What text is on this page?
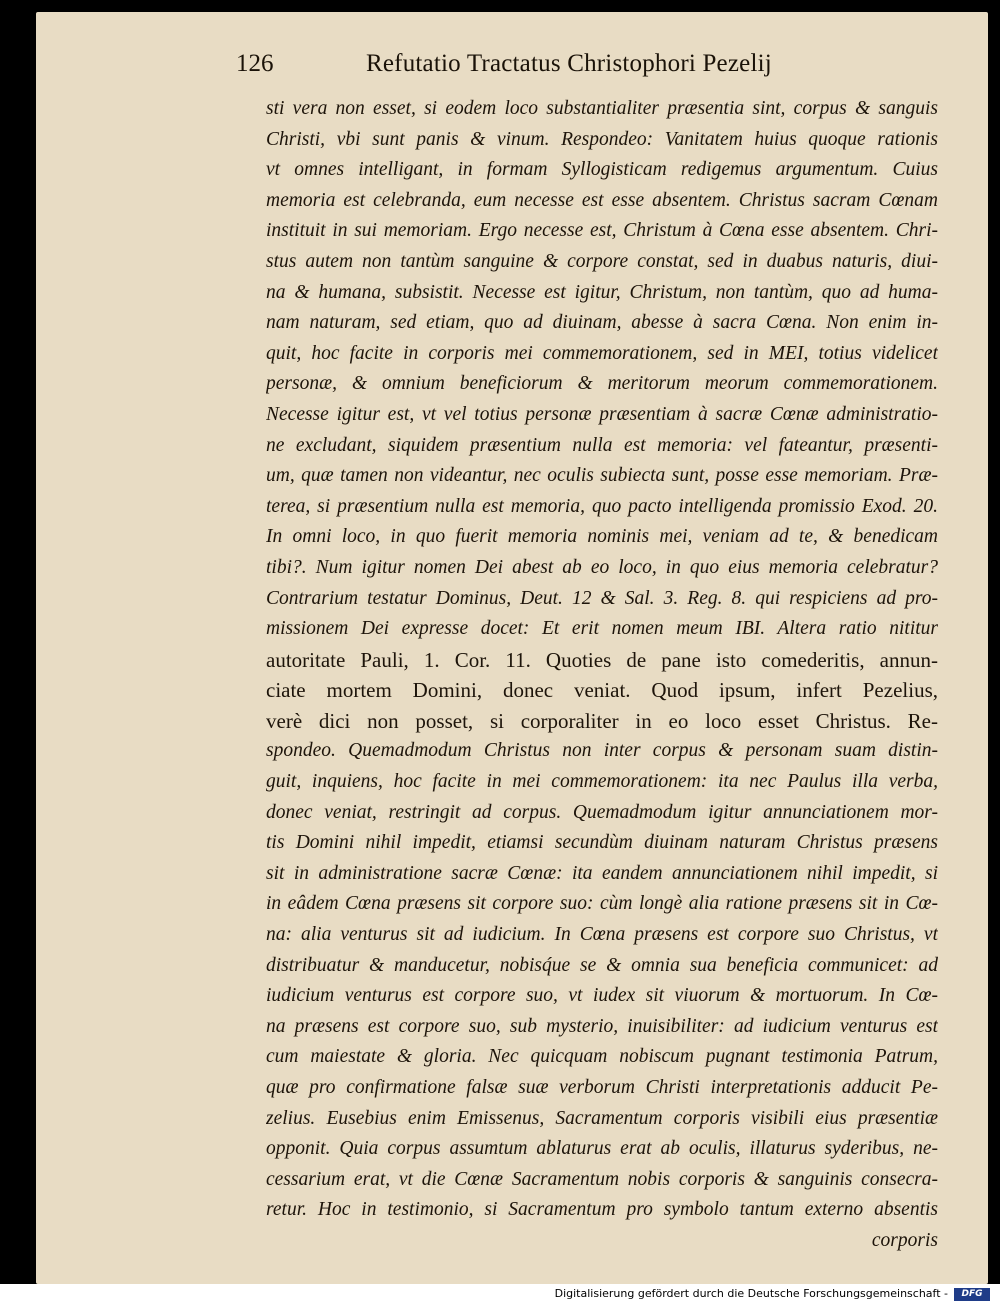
126	Refutatio Tractatus Christophori Pezelij
sti vera non esset, si eodem loco substantialiter præsentia sint, corpus & sanguis
Christi, vbi sunt panis & vinum. Respondeo: Vanitatem huius quoque rationis
vt omnes intelligant, in formam Syllogisticam redigemus argumentum. Cuius
memoria est celebranda, eum necesse est esse absentem. Christus sacram Cœnam
instituit in sui memoriam. Ergo necesse est, Christum à Cœna esse absentem. Chri-
stus autem non tantùm sanguine & corpore constat, sed in duabus naturis, diui-
na & humana, subsistit. Necesse est igitur, Christum, non tantùm, quo ad huma-
nam naturam, sed etiam, quo ad diuinam, abesse à sacra Cœna. Non enim in-
quit, hoc facite in corporis mei commemorationem, sed in MEI, totius videlicet
personæ, & omnium beneficiorum & meritorum meorum commemorationem.
Necesse igitur est, vt vel totius personæ præsentiam à sacræ Cœnæ administratio-
ne excludant, siquidem præsentium nulla est memoria: vel fateantur, præsenti-
um, quæ tamen non videantur, nec oculis subiecta sunt, posse esse memoriam. Præ-
terea, si præsentium nulla est memoria, quo pacto intelligenda promissio Exod. 20.
In omni loco, in quo fuerit memoria nominis mei, veniam ad te, & benedicam
tibi?. Num igitur nomen Dei abest ab eo loco, in quo eius memoria celebratur?
Contrarium testatur Dominus, Deut. 12 & Sal. 3. Reg. 8. qui respiciens ad pro-
missionem Dei expresse docet: Et erit nomen meum IBI. Altera ratio nititur
autoritate Pauli, 1. Cor. 11. Quoties de pane isto comederitis, annun-
ciate mortem Domini, donec veniat. Quod ipsum, infert Pezelius,
verè dici non posset, si corporaliter in eo loco esset Christus. Re-
spondeo. Quemadmodum Christus non inter corpus & personam suam distin-
guit, inquiens, hoc facite in mei commemorationem: ita nec Paulus illa verba,
donec veniat, restringit ad corpus. Quemadmodum igitur annunciationem mor-
tis Domini nihil impedit, etiamsi secundùm diuinam naturam Christus præsens
sit in administratione sacræ Cœnæ: ita eandem annunciationem nihil impedit, si
in eâdem Cœna præsens sit corpore suo: cùm longè alia ratione præsens sit in Cœ-
na: alia venturus sit ad iudicium. In Cœna præsens est corpore suo Christus, vt
distribuatur & manducetur, nobisq́ue se & omnia sua beneficia communicet: ad
iudicium venturus est corpore suo, vt iudex sit viuorum & mortuorum. In Cœ-
na præsens est corpore suo, sub mysterio, inuisibiliter: ad iudicium venturus est
cum maiestate & gloria. Nec quicquam nobiscum pugnant testimonia Patrum,
quæ pro confirmatione falsæ suæ verborum Christi interpretationis adducit Pe-
zelius. Eusebius enim Emissenus, Sacramentum corporis visibili eius præsentiæ
opponit. Quia corpus assumtum ablaturus erat ab oculis, illaturus syderibus, ne-
cessarium erat, vt die Cœnæ Sacramentum nobis corporis & sanguinis consecra-
retur. Hoc in testimonio, si Sacramentum pro symbolo tantum externo absentis
corporis
Digitalisierung gefördert durch die Deutsche Forschungsgemeinschaft -	DFG
